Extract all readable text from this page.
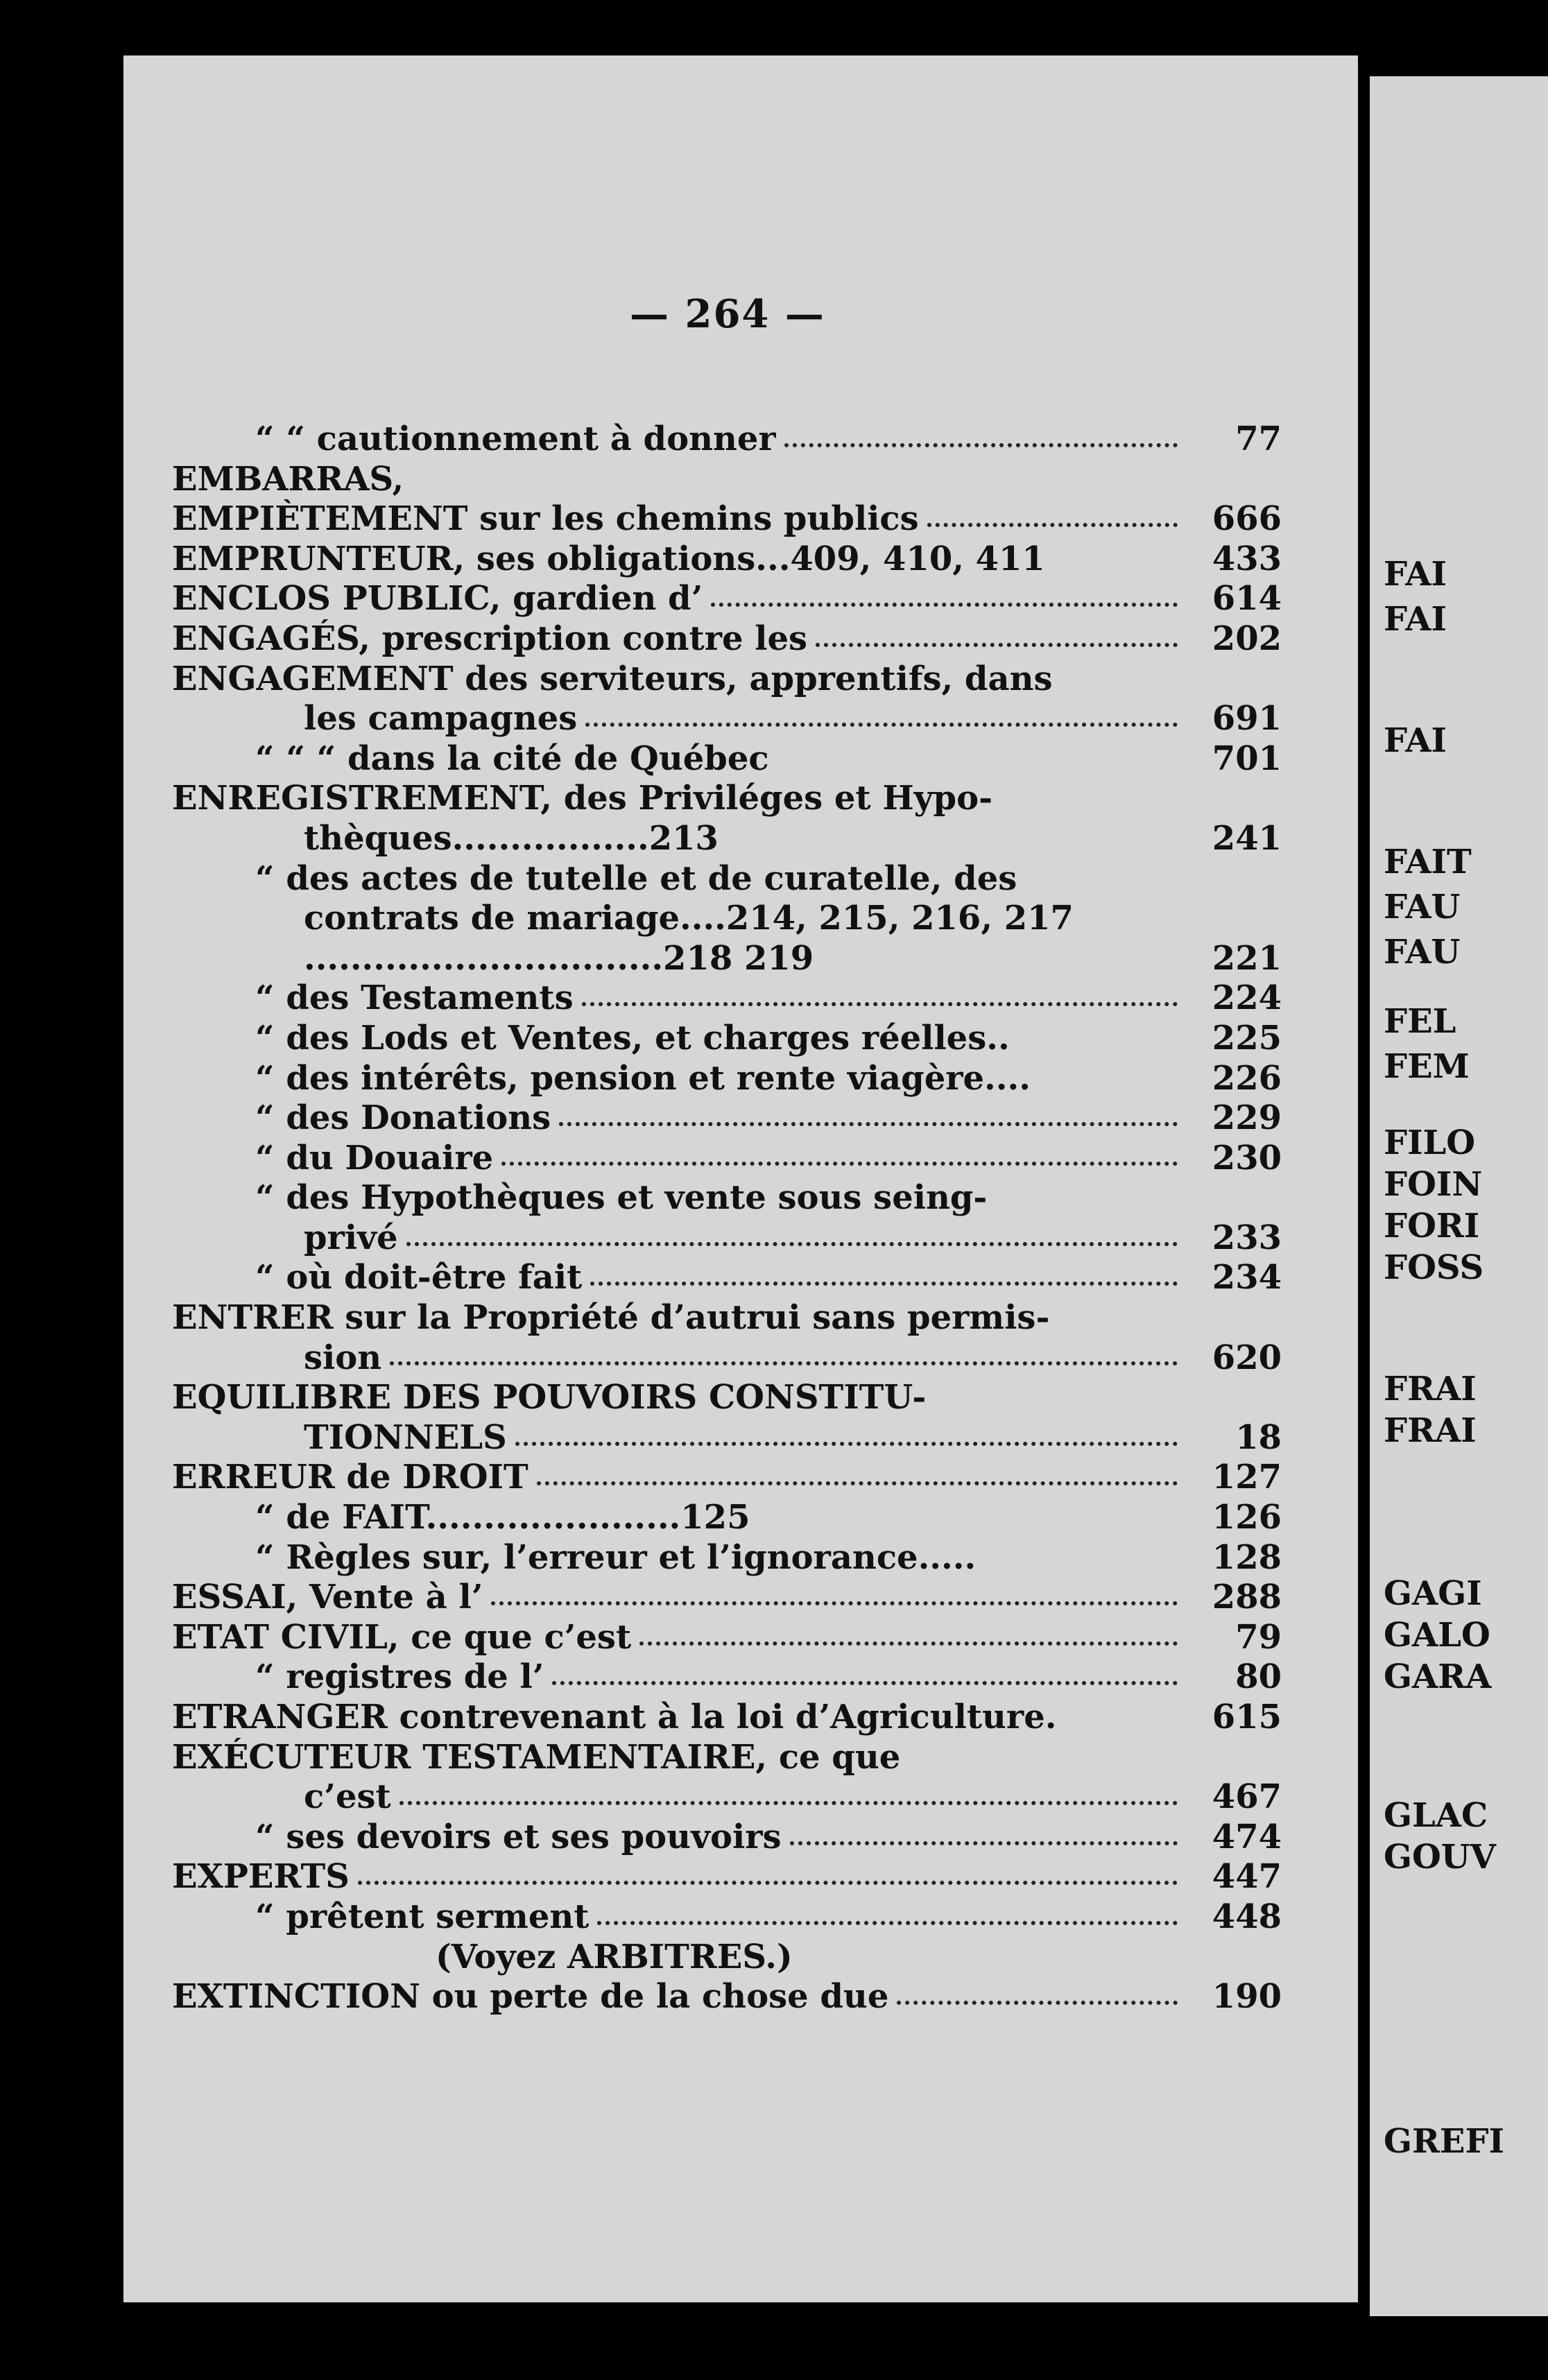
— 264 —
“ “ cautionnement à donner	77
EMBARRAS,
EMPIÈTEMENT sur les chemins publics	666
EMPRUNTEUR, ses obligations...409, 410, 411	433
ENCLOS PUBLIC, gardien d’	614
ENGAGÉS, prescription contre les	202
ENGAGEMENT des serviteurs, apprentifs, dans
les campagnes	691
“ “ “ dans la cité de Québec	701
ENREGISTREMENT, des Priviléges et Hypo-
thèques.................213	241
“ des actes de tutelle et de curatelle, des
contrats de mariage....214, 215, 216, 217
...............................218 219	221
“ des Testaments	224
“ des Lods et Ventes, et charges réelles..	225
“ des intérêts, pension et rente viagère....	226
“ des Donations	229
“ du Douaire	230
“ des Hypothèques et vente sous seing-
privé	233
“ où doit-être fait	234
ENTRER sur la Propriété d’autrui sans permis-
sion	620
EQUILIBRE DES POUVOIRS CONSTITU-
TIONNELS	18
ERREUR de DROIT	127
“ de FAIT......................125	126
“ Règles sur, l’erreur et l’ignorance.....	128
ESSAI, Vente à l’	288
ETAT CIVIL, ce que c’est	79
“ registres de l’	80
ETRANGER contrevenant à la loi d’Agriculture.	615
EXÉCUTEUR TESTAMENTAIRE, ce que
c’est	467
“ ses devoirs et ses pouvoirs	474
EXPERTS	447
“ prêtent serment	448
(Voyez ARBITRES.)
EXTINCTION ou perte de la chose due	190
FAI
FAI
FAI
FAIT
FAU
FAU
FEL
FEM
FILO
FOIN
FORI
FOSS
FRAI
FRAI
GAGI
GALO
GARA
GLAC
GOUV
GREFI
